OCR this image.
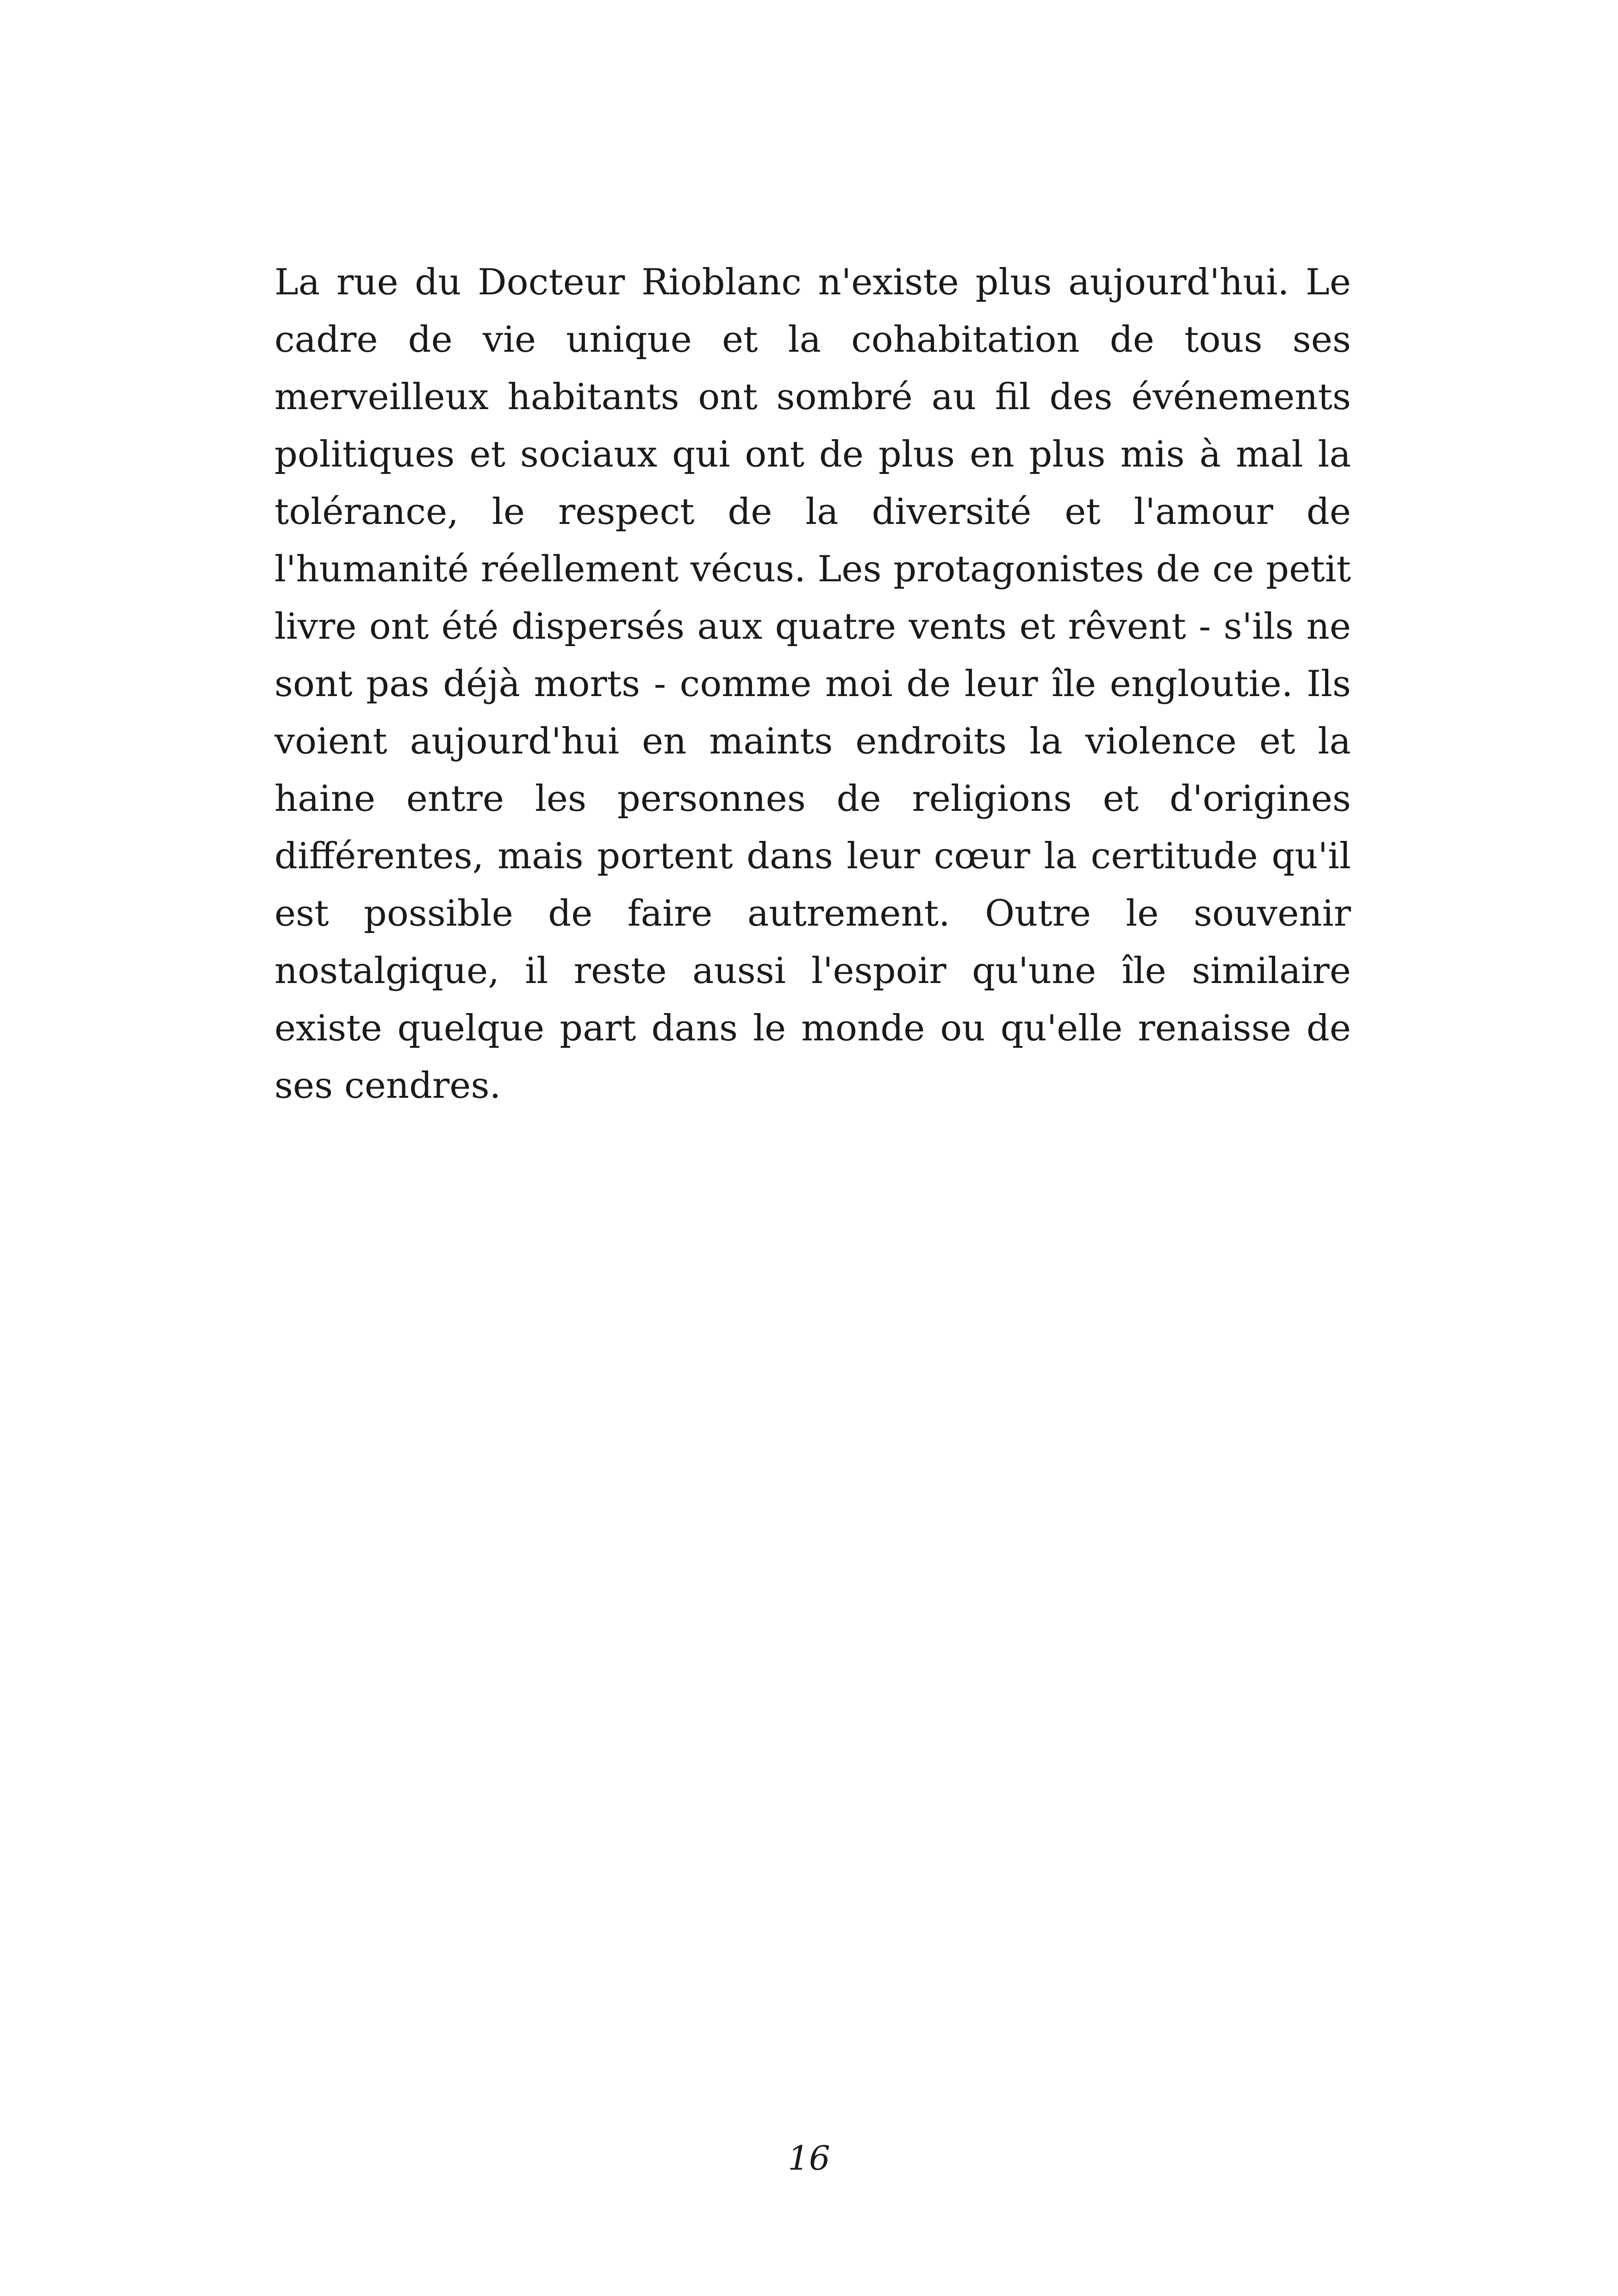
La rue du Docteur Rioblanc n'existe plus aujourd'hui. Le cadre de vie unique et la cohabitation de tous ses merveilleux habitants ont sombré au fil des événements politiques et sociaux qui ont de plus en plus mis à mal la tolérance, le respect de la diversité et l'amour de l'humanité réellement vécus. Les protagonistes de ce petit livre ont été dispersés aux quatre vents et rêvent - s'ils ne sont pas déjà morts - comme moi de leur île engloutie. Ils voient aujourd'hui en maints endroits la violence et la haine entre les personnes de religions et d'origines différentes, mais portent dans leur cœur la certitude qu'il est possible de faire autrement. Outre le souvenir nostalgique, il reste aussi l'espoir qu'une île similaire existe quelque part dans le monde ou qu'elle renaisse de ses cendres.

16
